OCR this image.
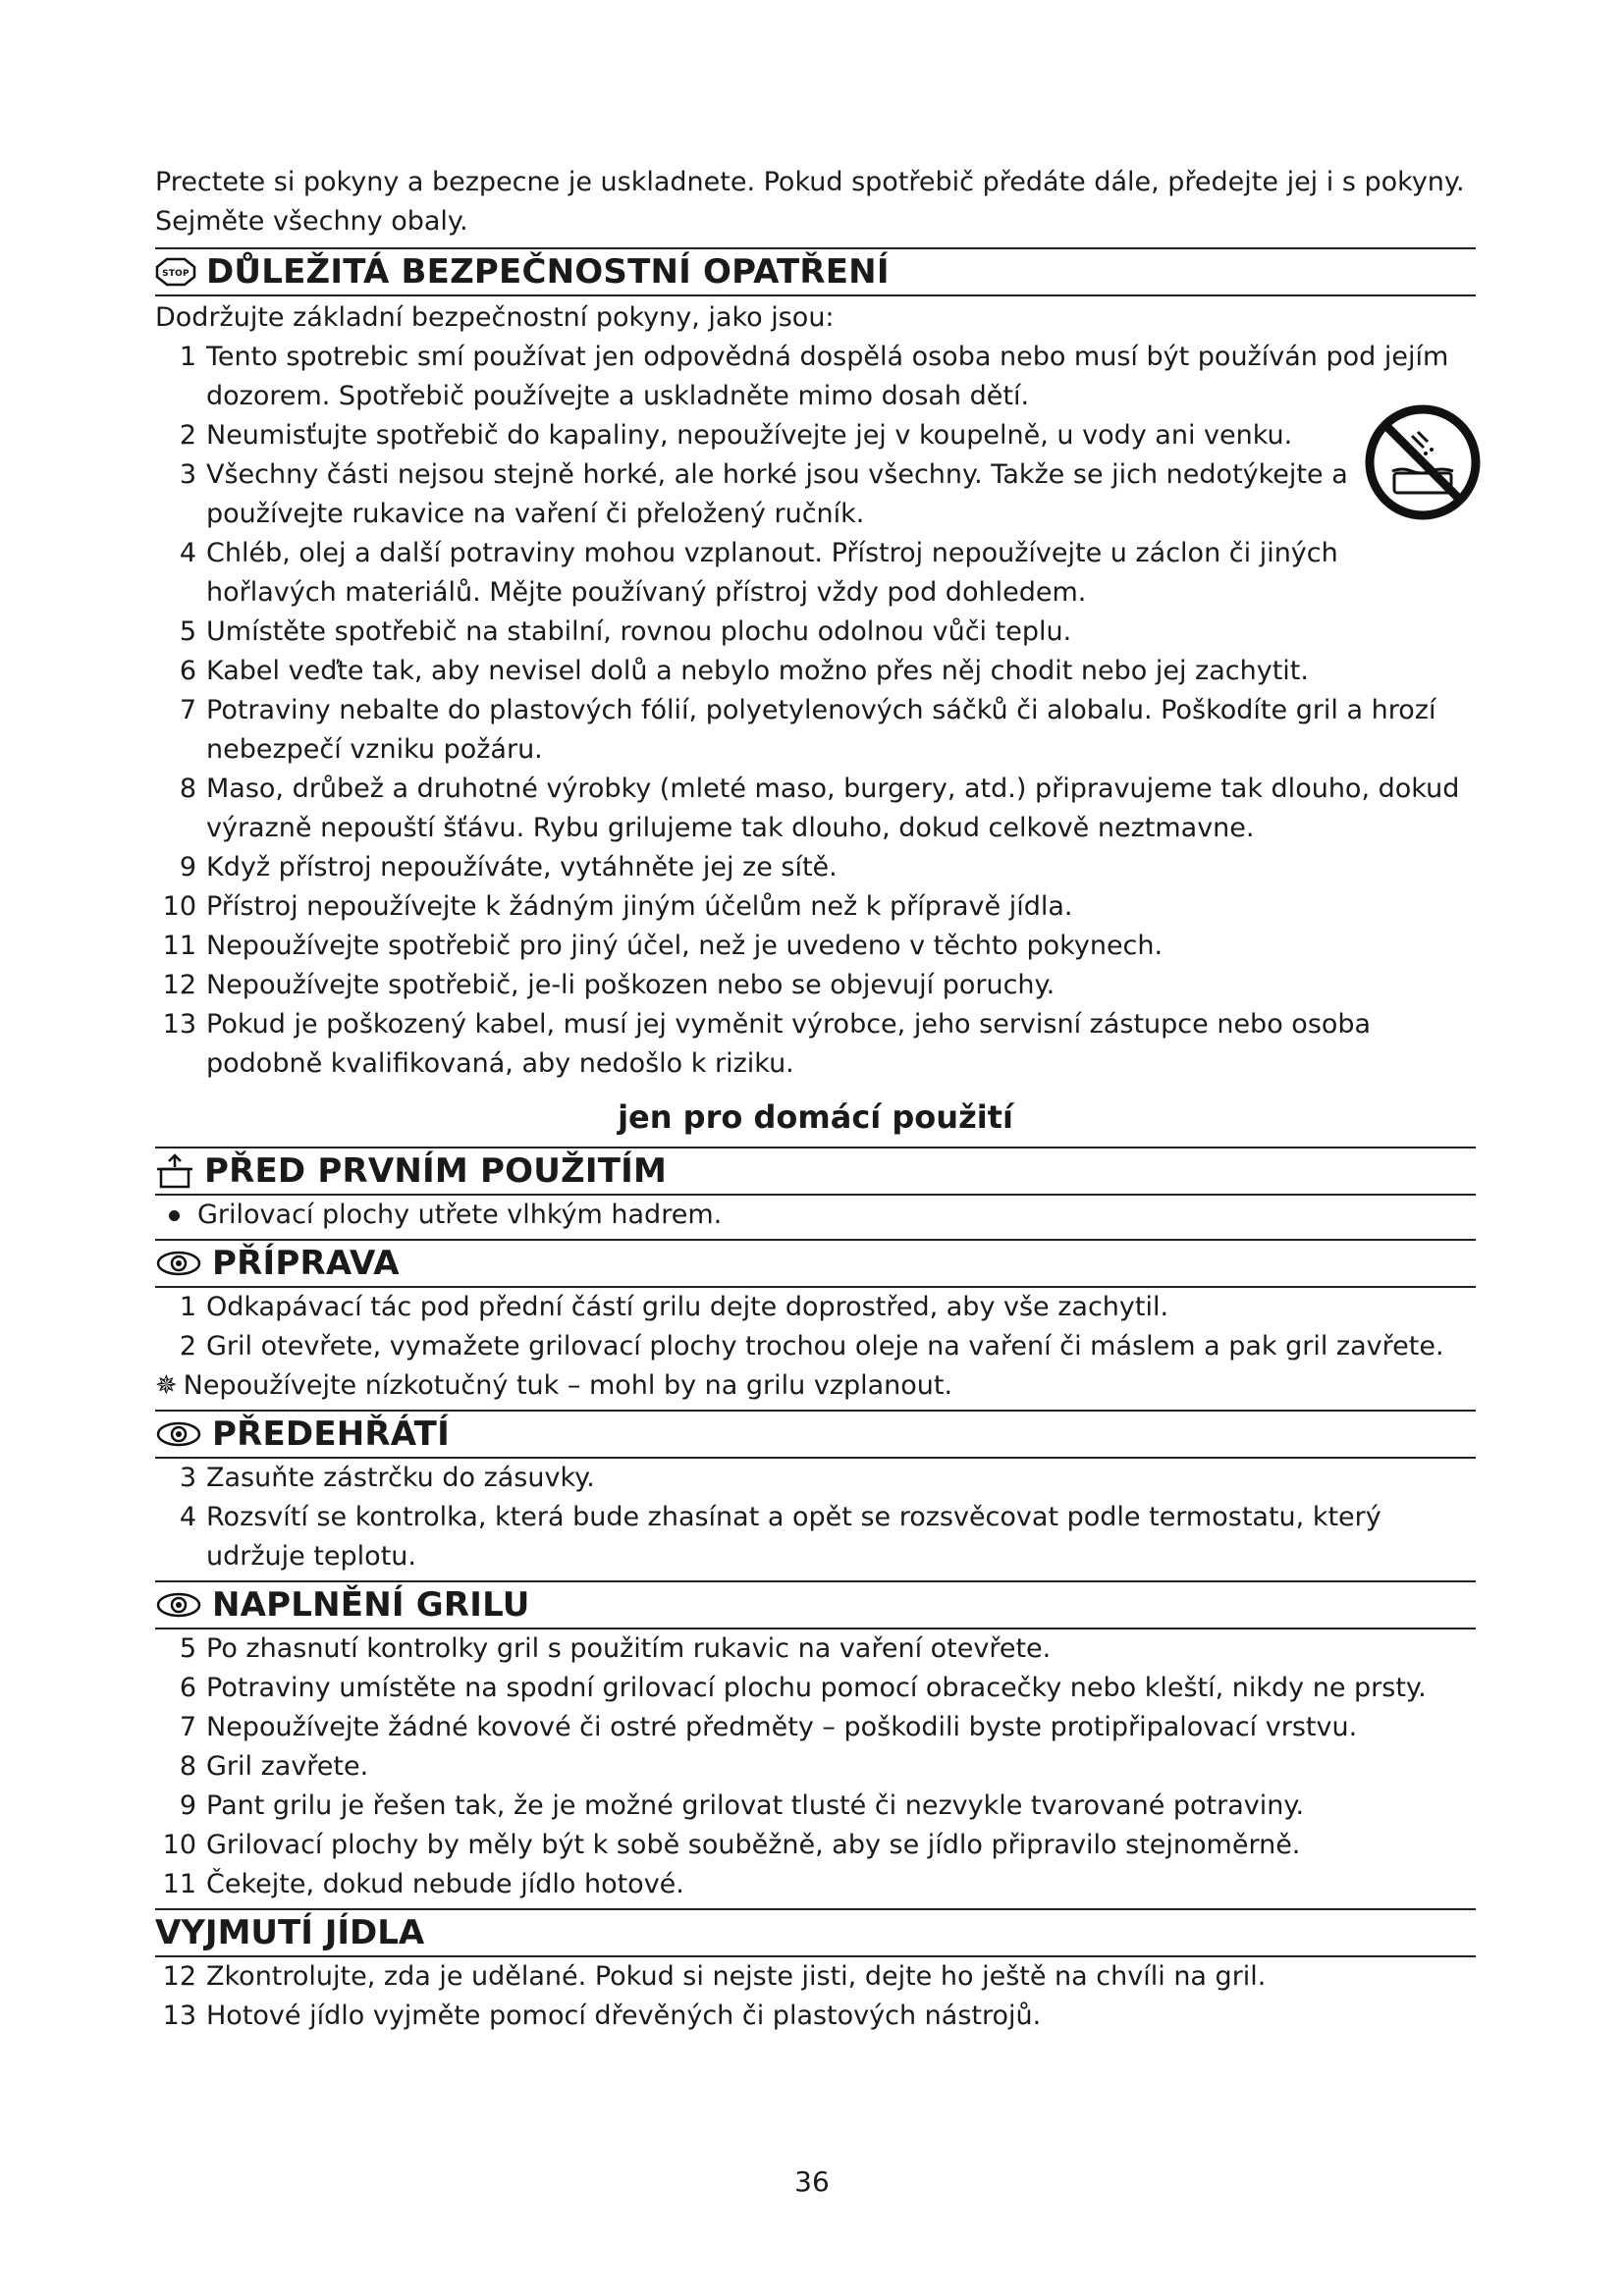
Prectete si pokyny a bezpecne je uskladnete. Pokud spotřebič předáte dále, předejte jej i s pokyny. Sejměte všechny obaly.

STOP DŮLEŽITÁ BEZPEČNOSTNÍ OPATŘENÍ
Dodržujte základní bezpečnostní pokyny, jako jsou:
1 Tento spotrebic smí používat jen odpovědná dospělá osoba nebo musí být používán pod jejím dozorem. Spotřebič používejte a uskladněte mimo dosah dětí.
2 Neumisťujte spotřebič do kapaliny, nepoužívejte jej v koupelně, u vody ani venku.
3 Všechny části nejsou stejně horké, ale horké jsou všechny. Takže se jich nedotýkejte a používejte rukavice na vaření či přeložený ručník.
4 Chléb, olej a další potraviny mohou vzplanout. Přístroj nepoužívejte u záclon či jiných hořlavých materiálů. Mějte používaný přístroj vždy pod dohledem.
5 Umístěte spotřebič na stabilní, rovnou plochu odolnou vůči teplu.
6 Kabel veďte tak, aby nevisel dolů a nebylo možno přes něj chodit nebo jej zachytit.
7 Potraviny nebalte do plastových fólií, polyetylenových sáčků či alobalu. Poškodíte gril a hrozí nebezpečí vzniku požáru.
8 Maso, drůbež a druhotné výrobky (mleté maso, burgery, atd.) připravujeme tak dlouho, dokud výrazně nepouští šťávu. Rybu grilujeme tak dlouho, dokud celkově neztmavne.
9 Když přístroj nepoužíváte, vytáhněte jej ze sítě.
10 Přístroj nepoužívejte k žádným jiným účelům než k přípravě jídla.
11 Nepoužívejte spotřebič pro jiný účel, než je uvedeno v těchto pokynech.
12 Nepoužívejte spotřebič, je-li poškozen nebo se objevují poruchy.
13 Pokud je poškozený kabel, musí jej vyměnit výrobce, jeho servisní zástupce nebo osoba podobně kvalifikovaná, aby nedošlo k riziku.
jen pro domácí použití
PŘED PRVNÍM POUŽITÍM
Grilovací plochy utřete vlhkým hadrem.
PŘÍPRAVA
1 Odkapávací tác pod přední částí grilu dejte doprostřed, aby vše zachytil.
2 Gril otevřete, vymažete grilovací plochy trochou oleje na vaření či máslem a pak gril zavřete.
✵ Nepoužívejte nízkotučný tuk – mohl by na grilu vzplanout.
PŘEDEHŘÁTÍ
3 Zasuňte zástrčku do zásuvky.
4 Rozsvítí se kontrolka, která bude zhasínat a opět se rozsvěcovat podle termostatu, který udržuje teplotu.
NAPLNĚNÍ GRILU
5 Po zhasnutí kontrolky gril s použitím rukavic na vaření otevřete.
6 Potraviny umístěte na spodní grilovací plochu pomocí obracečky nebo kleští, nikdy ne prsty.
7 Nepoužívejte žádné kovové či ostré předměty – poškodili byste protipřipalovací vrstvu.
8 Gril zavřete.
9 Pant grilu je řešen tak, že je možné grilovat tlusté či nezvykle tvarované potraviny.
10 Grilovací plochy by měly být k sobě souběžně, aby se jídlo připravilo stejnoměrně.
11 Čekejte, dokud nebude jídlo hotové.
VYJMUTÍ JÍDLA
12 Zkontrolujte, zda je udělané. Pokud si nejste jisti, dejte ho ještě na chvíli na gril.
13 Hotové jídlo vyjměte pomocí dřevěných či plastových nástrojů.
36
